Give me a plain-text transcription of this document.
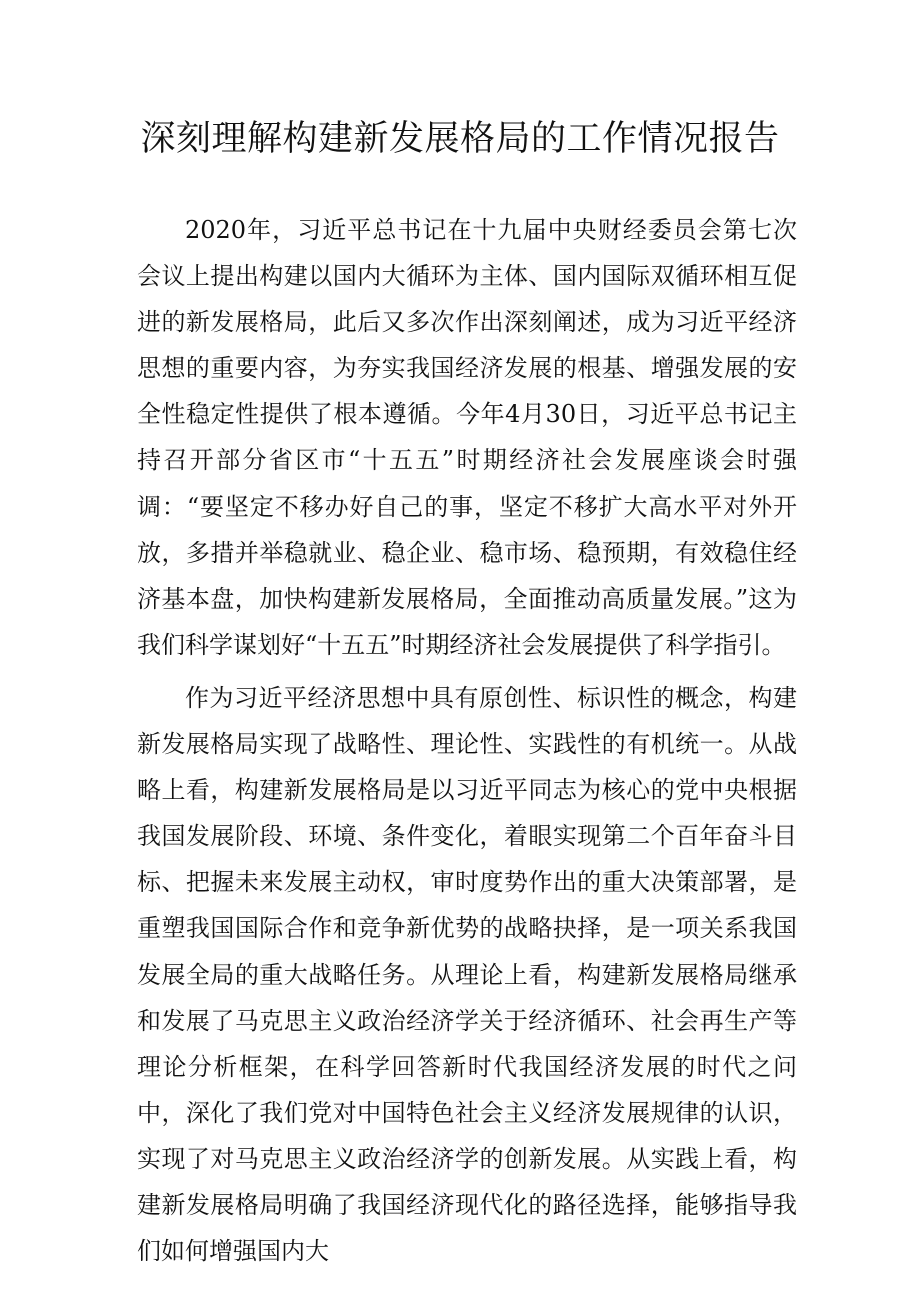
深刻理解构建新发展格局的工作情况报告

2020年，习近平总书记在十九届中央财经委员会第七次会议上提出构建以国内大循环为主体、国内国际双循环相互促进的新发展格局，此后又多次作出深刻阐述，成为习近平经济思想的重要内容，为夯实我国经济发展的根基、增强发展的安全性稳定性提供了根本遵循。今年4月30日，习近平总书记主持召开部分省区市“十五五”时期经济社会发展座谈会时强调：“要坚定不移办好自己的事，坚定不移扩大高水平对外开放，多措并举稳就业、稳企业、稳市场、稳预期，有效稳住经济基本盘，加快构建新发展格局，全面推动高质量发展。”这为我们科学谋划好“十五五”时期经济社会发展提供了科学指引。

作为习近平经济思想中具有原创性、标识性的概念，构建新发展格局实现了战略性、理论性、实践性的有机统一。从战略上看，构建新发展格局是以习近平同志为核心的党中央根据我国发展阶段、环境、条件变化，着眼实现第二个百年奋斗目标、把握未来发展主动权，审时度势作出的重大决策部署，是重塑我国国际合作和竞争新优势的战略抉择，是一项关系我国发展全局的重大战略任务。从理论上看，构建新发展格局继承和发展了马克思主义政治经济学关于经济循环、社会再生产等理论分析框架，在科学回答新时代我国经济发展的时代之问中，深化了我们党对中国特色社会主义经济发展规律的认识，实现了对马克思主义政治经济学的创新发展。从实践上看，构建新发展格局明确了我国经济现代化的路径选择，能够指导我们如何增强国内大
